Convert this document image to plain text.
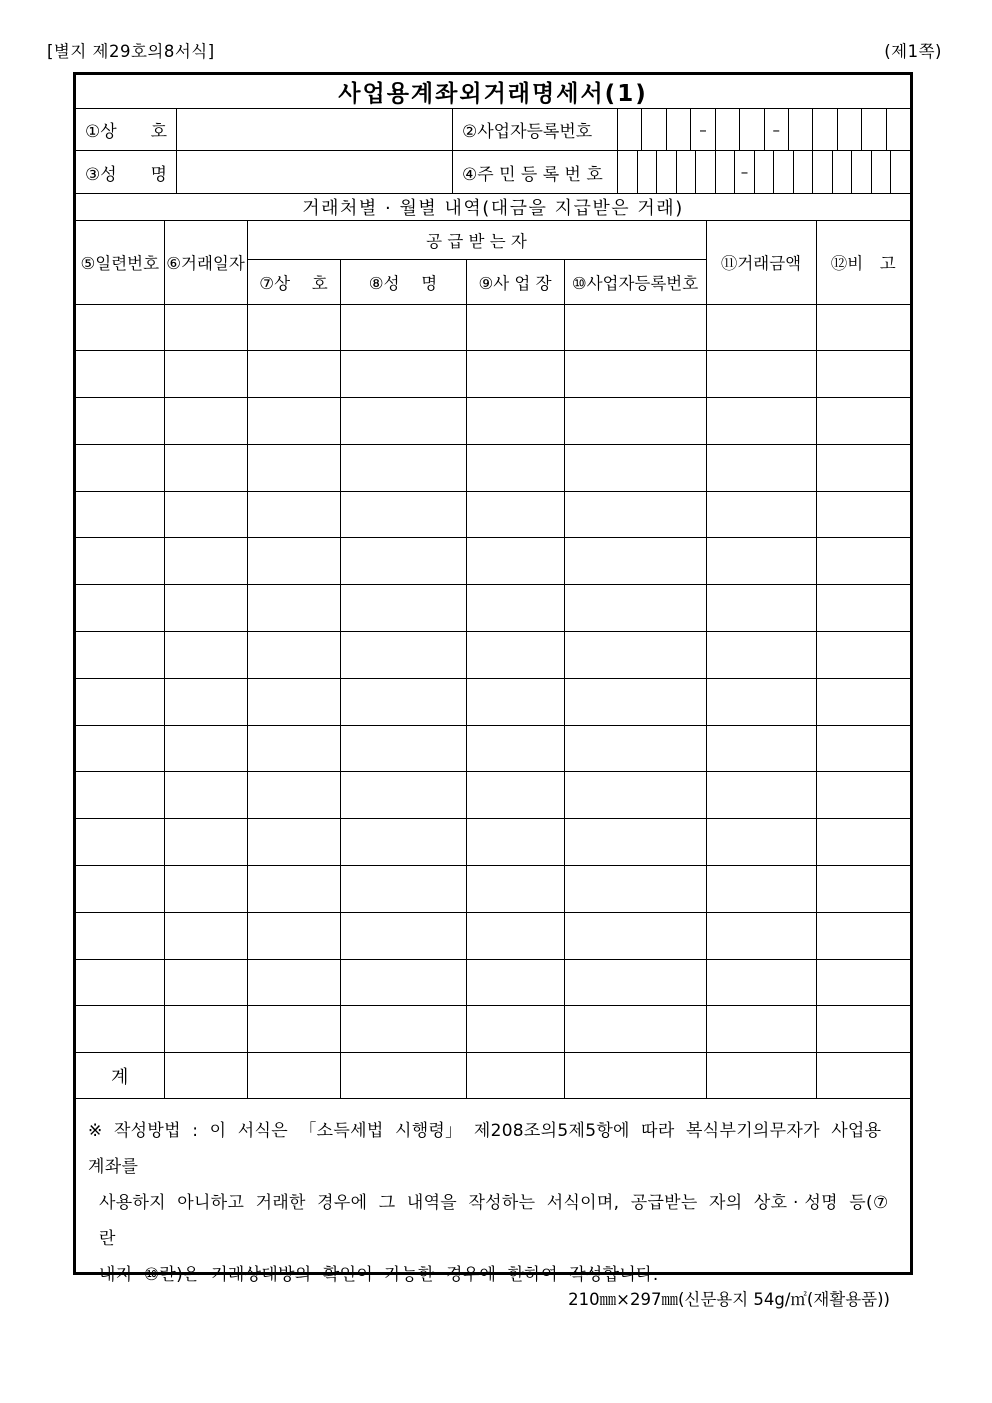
[별지 제29호의8서식]	(제1쪽)
사업용계좌외거래명세서(1)
①상　　호	②사업자등록번호	–	–
③성　　명	④주 민 등 록 번 호	–
거래처별 · 월별 내역(대금을 지급받은 거래)
⑤일련번호	⑥거래일자	공 급 받 는 자				⑪거래금액	⑫비　고
		⑦상　 호	⑧성　 명	⑨사 업 장	⑩사업자등록번호		

계							
※  작성방법  :  이  서식은  「소득세법  시행령」  제208조의5제5항에  따라  복식부기의무자가  사업용계좌를
사용하지  아니하고  거래한  경우에  그  내역을  작성하는  서식이며,  공급받는  자의  상호 · 성명  등(⑦란
내지  ⑩란)은  거래상대방의  확인이  가능한  경우에  한하여  작성합니다.
210㎜×297㎜(신문용지 54g/㎡(재활용품))
